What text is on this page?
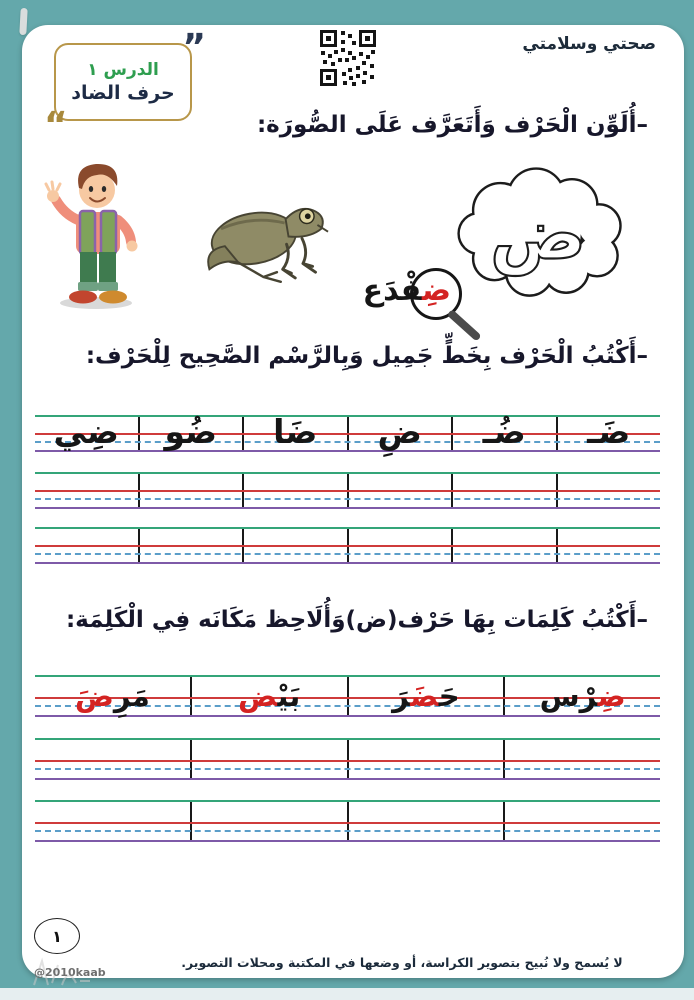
صحتي وسلامتي
”
الدرس ١
حرف الضاد
“	–أُلَوِّن الْحَرْف وَأَتَعَرَّف عَلَى الصُّورَة:
ض
ضِ‍‍فْدَع
–أَكْتُبُ الْحَرْف بِخَطٍّ جَمِيل وَبِالرَّسْم الصَّحِيح لِلْحَرْف:
ضَـ
ضُـ
ضِ
ضَا
ضُو
ضِي
–أَكْتُبُ كَلِمَات بِهَا حَرْف(ض)وَأُلَاحِظ مَكَانَه فِي الْكَلِمَة:
ضِ‍‍رْس
حَ‍‍ضَ‍‍رَ
بَيْ‍‍ض
مَرِضَ
١
@2010kaab
لا يُسمح ولا نُبيح بتصوير الكراسة، أو وضعها في المكتبة ومحلات التصوير.
